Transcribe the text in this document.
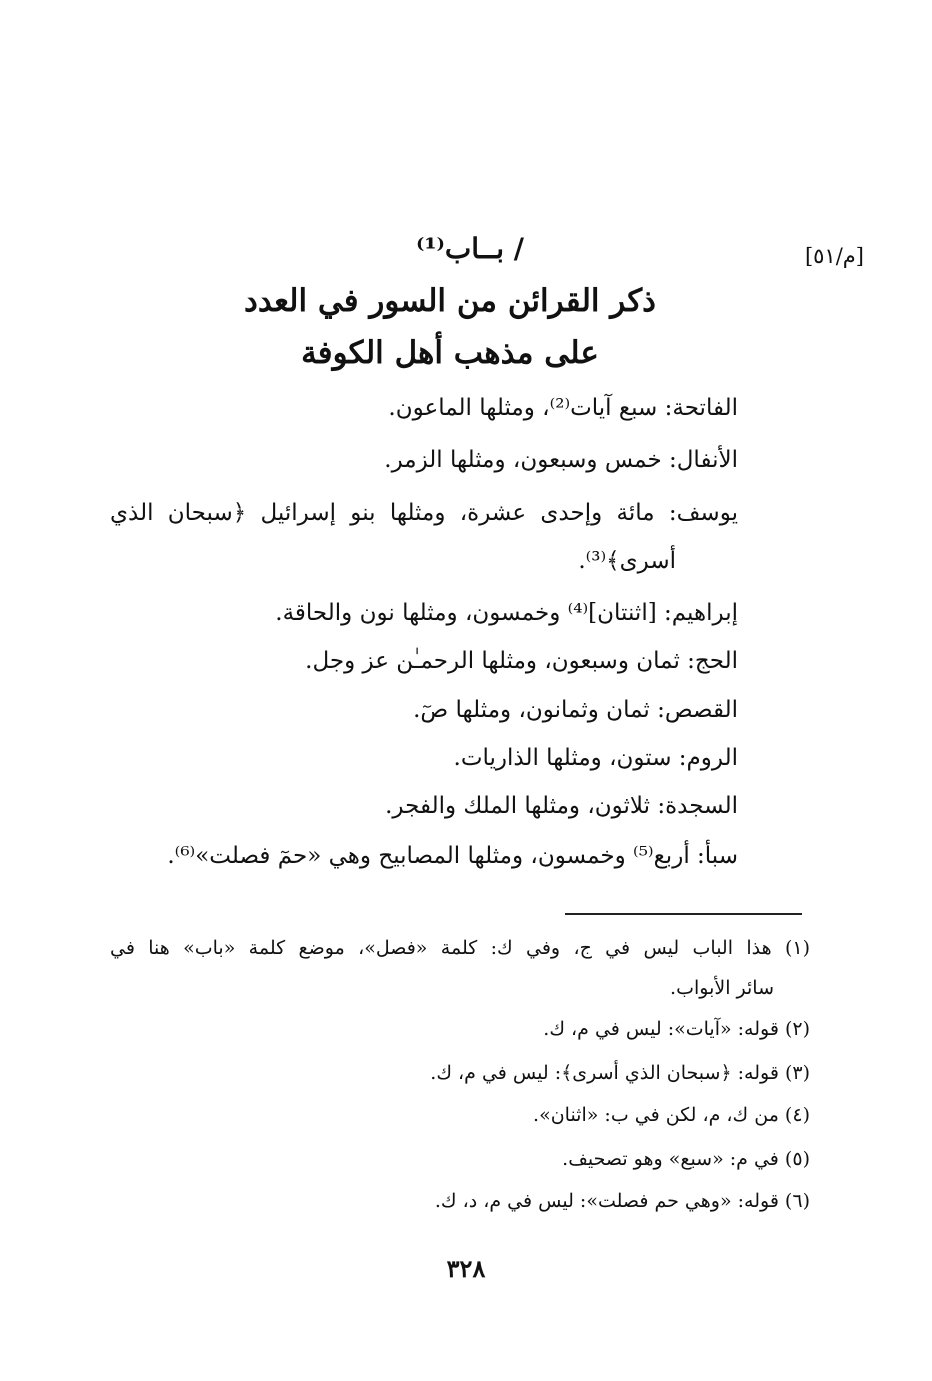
[م/٥١]
/ بــاب⁽¹⁾
ذكر القرائن من السور في العدد
على مذهب أهل الكوفة
الفاتحة: سبع آيات⁽²⁾، ومثلها الماعون.
الأنفال: خمس وسبعون، ومثلها الزمر.
يوسف: مائة وإحدى عشرة، ومثلها بنو إسرائيل ﴿سبحان الذي
أسرى﴾⁽³⁾.
إبراهيم: [اثنتان]⁽⁴⁾ وخمسون، ومثلها نون والحاقة.
الحج: ثمان وسبعون، ومثلها الرحمـٰن عز وجل.
القصص: ثمان وثمانون، ومثلها صٓ.
الروم: ستون، ومثلها الذاريات.
السجدة: ثلاثون، ومثلها الملك والفجر.
سبأ: أربع⁽⁵⁾ وخمسون، ومثلها المصابيح وهي «حمٓ فصلت»⁽⁶⁾.
(١) هذا الباب ليس في ج، وفي ك: كلمة «فصل»، موضع كلمة «باب» هنا في
سائر الأبواب.
(٢) قوله: «آيات»: ليس في م، ك.
(٣) قوله: ﴿سبحان الذي أسرى﴾: ليس في م، ك.
(٤) من ك، م، لكن في ب: «اثنان».
(٥) في م: «سبع» وهو تصحيف.
(٦) قوله: «وهي حم فصلت»: ليس في م، د، ك.
٣٢٨
